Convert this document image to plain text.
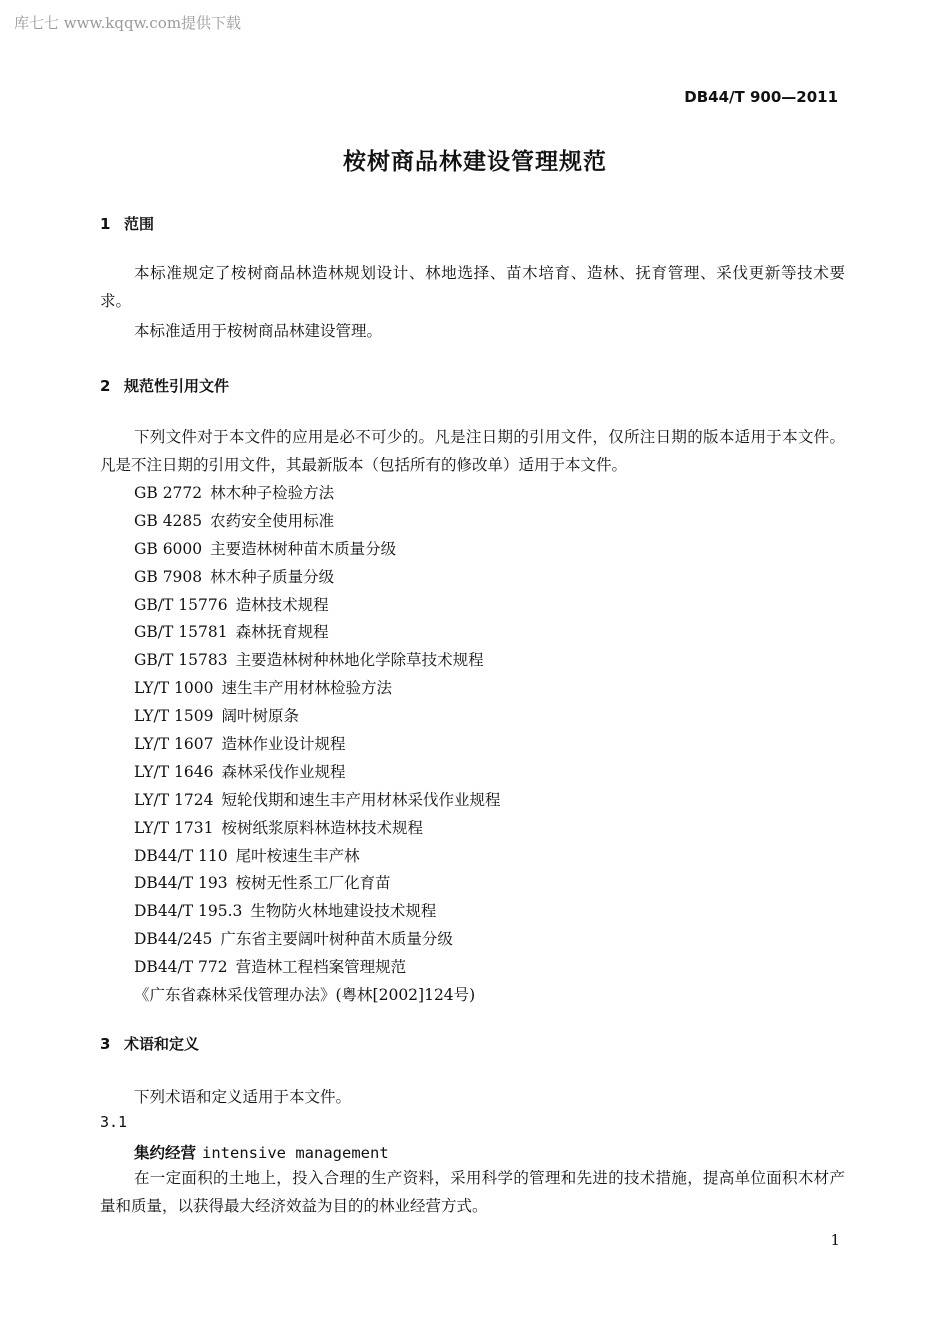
库七七 www.kqqw.com提供下载
DB44/T 900—2011
桉树商品林建设管理规范
1 范围
本标准规定了桉树商品林造林规划设计、林地选择、苗木培育、造林、抚育管理、采伐更新等技术要求。
本标准适用于桉树商品林建设管理。
2 规范性引用文件
下列文件对于本文件的应用是必不可少的。凡是注日期的引用文件，仅所注日期的版本适用于本文件。凡是不注日期的引用文件，其最新版本（包括所有的修改单）适用于本文件。
GB 2772 林木种子检验方法
GB 4285 农药安全使用标准
GB 6000 主要造林树种苗木质量分级
GB 7908 林木种子质量分级
GB/T 15776 造林技术规程
GB/T 15781 森林抚育规程
GB/T 15783 主要造林树种林地化学除草技术规程
LY/T 1000 速生丰产用材林检验方法
LY/T 1509 阔叶树原条
LY/T 1607 造林作业设计规程
LY/T 1646 森林采伐作业规程
LY/T 1724 短轮伐期和速生丰产用材林采伐作业规程
LY/T 1731 桉树纸浆原料林造林技术规程
DB44/T 110 尾叶桉速生丰产林
DB44/T 193 桉树无性系工厂化育苗
DB44/T 195.3 生物防火林地建设技术规程
DB44/245 广东省主要阔叶树种苗木质量分级
DB44/T 772 营造林工程档案管理规范
《广东省森林采伐管理办法》(粤林[2002]124号)
3 术语和定义
下列术语和定义适用于本文件。
3.1
集约经营 intensive management
在一定面积的土地上，投入合理的生产资料，采用科学的管理和先进的技术措施，提高单位面积木材产量和质量，以获得最大经济效益为目的的林业经营方式。
1
